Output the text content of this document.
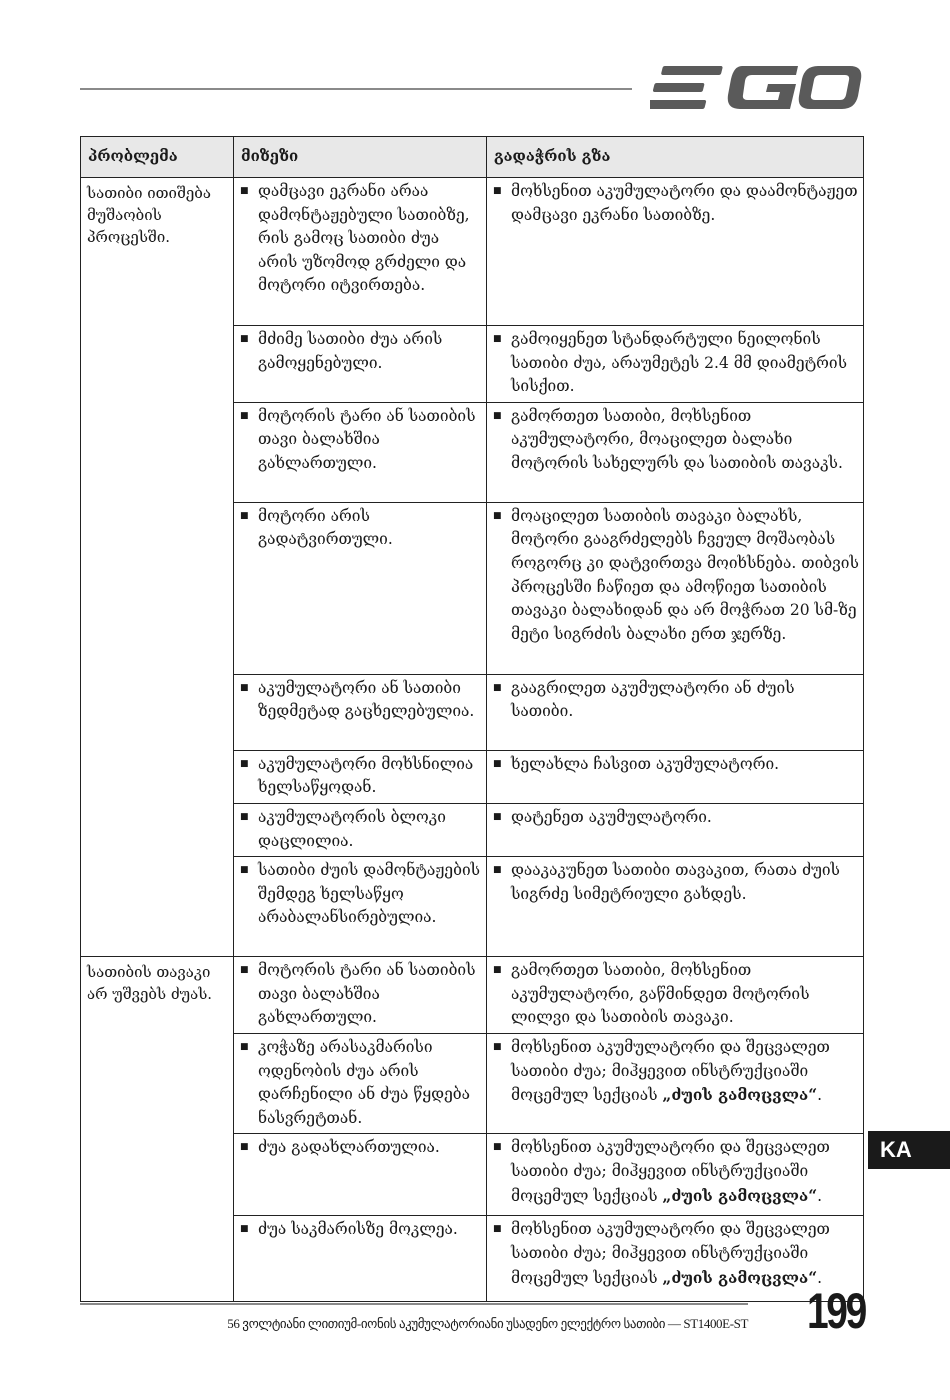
პრობლემა	მიზეზი	გადაჭრის გზა
სათიბი ითიშება მუშაობის პროცესში.	■ დამცავი ეკრანი არაა დამონტაჟებული სათიბზე, რის გამოც სათიბი ძუა არის უზომოდ გრძელი და მოტორი იტვირთება.	■ მოხსენით აკუმულატორი და დაამონტაჟეთ დამცავი ეკრანი სათიბზე.

	■ მძიმე სათიბი ძუა არის გამოყენებული.	■ გამოიყენეთ სტანდარტული ნეილონის სათიბი ძუა, არაუმეტეს 2.4 მმ დიამეტრის სისქით.

	■ მოტორის ტარი ან სათიბის თავი ბალახშია გახლართული.	■ გამორთეთ სათიბი, მოხსენით აკუმულატორი, მოაცილეთ ბალახი მოტორის სახელურს და სათიბის თავაკს.

	■ მოტორი არის გადატვირთული.	■ მოაცილეთ სათიბის თავაკი ბალახს, მოტორი გააგრძელებს ჩვეულ მოშაობას როგორც კი დატვირთვა მოიხსნება. თიბვის პროცესში ჩაწიეთ და ამოწიეთ სათიბის თავაკი ბალახიდან და არ მოჭრათ 20 სმ-ზე მეტი სიგრძის ბალახი ერთ ჯერზე.

	■ აკუმულატორი ან სათიბი ზედმეტად გაცხელებულია.	■ გააგრილეთ აკუმულატორი ან ძუის სათიბი.

	■ აკუმულატორი მოხსნილია ხელსაწყოდან.	■ ხელახლა ჩასვით აკუმულატორი.

	■ აკუმულატორის ბლოკი დაცლილია.	■ დატენეთ აკუმულატორი.

	■ სათიბი ძუის დამონტაჟების შემდეგ ხელსაწყო არაბალანსირებულია.	■ დააკაკუნეთ სათიბი თავაკით, რათა ძუის სიგრძე სიმეტრიული გახდეს.

სათიბის თავაკი არ უშვებს ძუას.	■ მოტორის ტარი ან სათიბის თავი ბალახშია გახლართული.	■ გამორთეთ სათიბი, მოხსენით აკუმულატორი, გაწმინდეთ მოტორის ლილვი და სათიბის თავაკი.

	■ კოჭაზე არასაკმარისი ოდენობის ძუა არის დარჩენილი ან ძუა წყდება ნასვრეტთან.	■ მოხსენით აკუმულატორი და შეცვალეთ სათიბი ძუა; მიჰყევით ინსტრუქციაში მოცემულ სექციას „ძუის გამოცვლა“.

	■ ძუა გადახლართულია.	■ მოხსენით აკუმულატორი და შეცვალეთ სათიბი ძუა; მიჰყევით ინსტრუქციაში მოცემულ სექციას „ძუის გამოცვლა“.

	■ ძუა საკმარისზე მოკლეა.	■ მოხსენით აკუმულატორი და შეცვალეთ სათიბი ძუა; მიჰყევით ინსტრუქციაში მოცემულ სექციას „ძუის გამოცვლა“.
KA
56 ვოლტიანი ლითიუმ-იონის აკუმულატორიანი უსადენო ელექტრო სათიბი — ST1400E-ST 199
